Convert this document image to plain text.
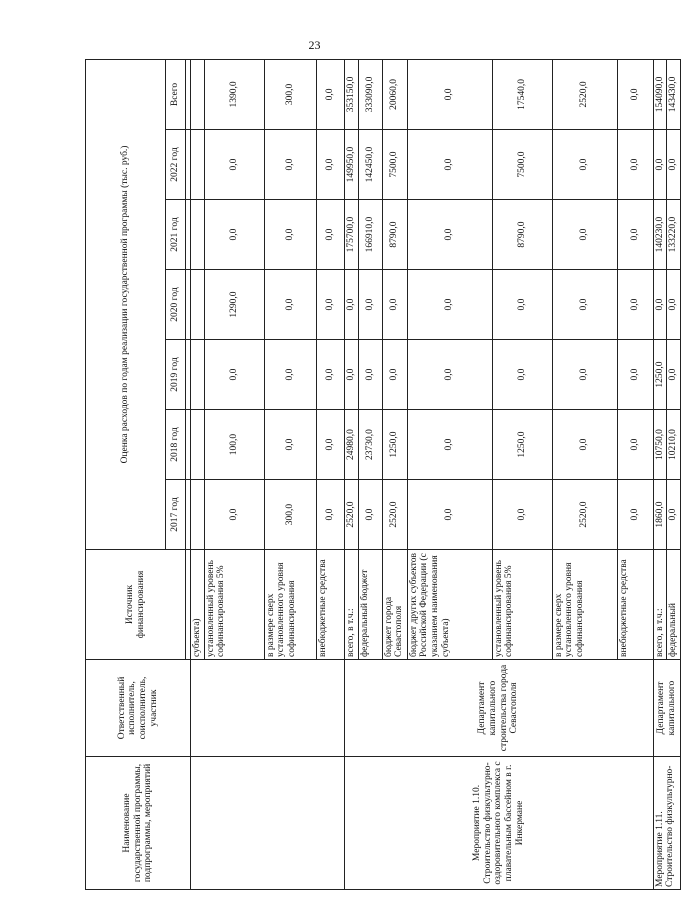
23
Наименование государственной программы, подпрограммы, мероприятий	Ответственный исполнитель, соисполнитель, участник	Источник финансирования	Оценка расходов по годам реализации государственной программы (тыс. руб.)						
			2017 год	2018 год	2019 год	2020 год	2021 год	2022 год	Всего

		субъекта)							
		установленный уровень софинансирования 5%	0,0	100,0	0,0	1290,0	0,0	0,0	1390,0
		в размере сверх установленного уровня софинансирования	300,0	0,0	0,0	0,0	0,0	0,0	300,0
		внебюджетные средства	0,0	0,0	0,0	0,0	0,0	0,0	0,0
Мероприятие 1.10. Строительство физкультурно-оздоровительного комплекса с плавательным бассейном в г. Инкермане	Департамент капитального строительства города Севастополя	всего, в т.ч.:	2520,0	24980,0	0,0	0,0	175700,0	149950,0	353150,0
		федеральный бюджет	0,0	23730,0	0,0	0,0	166910,0	142450,0	333090,0
		бюджет города Севастополя	2520,0	1250,0	0,0	0,0	8790,0	7500,0	20060,0
		бюджет других субъектов Российской Федерации (с указанием наименования субъекта)	0,0	0,0	0,0	0,0	0,0	0,0	0,0
		установленный уровень софинансирования 5%	0,0	1250,0	0,0	0,0	8790,0	7500,0	17540,0
		в размере сверх установленного уровня софинансирования	2520,0	0,0	0,0	0,0	0,0	0,0	2520,0
		внебюджетные средства	0,0	0,0	0,0	0,0	0,0	0,0	0,0
Мероприятие 1.11. Строительство физкультурно-	Департамент капитального	всего, в т.ч.:	1860,0	10750,0	1250,0	0,0	140230,0	0,0	154090,0
		федеральный	0,0	10210,0	0,0	0,0	133220,0	0,0	143430,0
